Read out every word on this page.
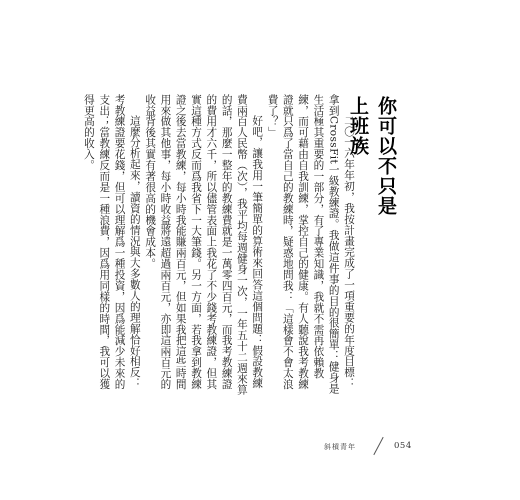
你可以不只是上班族

二〇一六年年初，我按計畫完成了一項重要的年度目標：拿到CrossFit一級教練證。我做這件事的目的很簡單：健身是生活極其重要的一部分，有了專業知識，我就不需再依賴教練，而可藉由自我訓練，掌控自己的健康。有人聽說我考教練證就只爲了當自己的教練時，疑惑地問我：「這樣會不會太浪費了？」

好吧，讓我用一筆簡單的算術來回答這個問題：假設教練費兩百人民幣（次），我平均每週健身一次，一年五十二週來算的話，那麼一整年的教練費就是一萬零四百元，而我考教練證的費用才六千，所以儘管表面上我花了不少錢考教練證，但其實這種方式反而爲我省下一大筆錢。另一方面，若我拿到教練證之後去當教練，每小時我能賺兩百元，但如果我把這些時間用來做其他事，每小時收益將遠超過兩百元，亦即這兩百元的收益背後其實有著很高的機會成本。

這麼分析起來，讀資的情況與大多數人的理解恰好相反：考教練證要花錢，但可以理解爲一種投資，因爲能減少未來的支出；當教練反而是一種浪費，因爲用同樣的時間，我可以獲得更高的收入。

斜槓青年	054
